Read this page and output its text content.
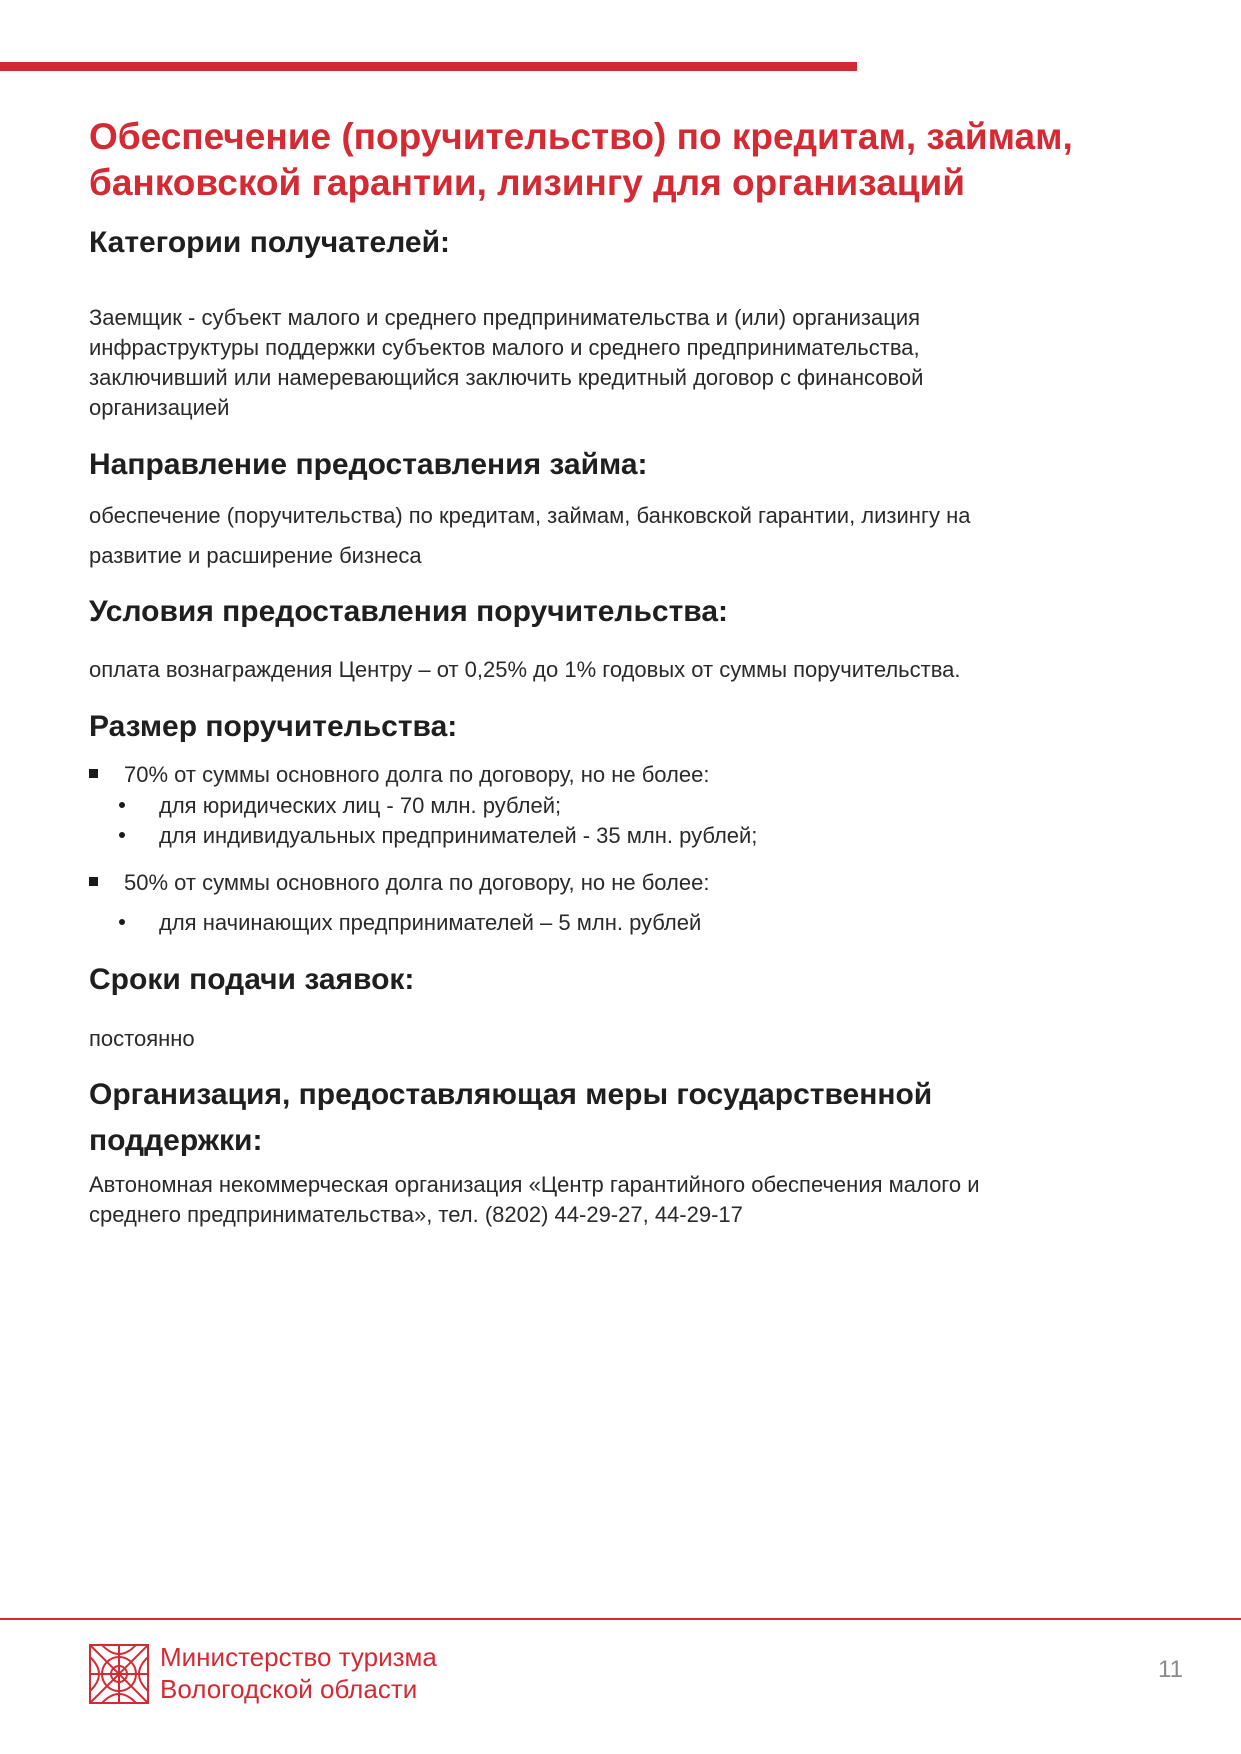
Обеспечение (поручительство) по кредитам, займам,
банковской гарантии, лизингу для организаций
Категории получателей:

Заемщик - субъект малого и среднего предпринимательства и (или) организация
инфраструктуры поддержки субъектов малого и среднего предпринимательства,
заключивший или намеревающийся заключить кредитный договор с финансовой
организацией

Направление предоставления займа:

обеспечение (поручительства) по кредитам, займам, банковской гарантии, лизингу на
развитие и расширение бизнеса

Условия предоставления поручительства:

оплата вознаграждения Центру – от 0,25% до 1% годовых от суммы поручительства.

Размер поручительства:
70% от суммы основного долга по договору, но не более:
для юридических лиц - 70 млн. рублей;
для индивидуальных предпринимателей - 35 млн. рублей;
50% от суммы основного долга по договору, но не более:
для начинающих предпринимателей – 5 млн. рублей
Сроки подачи заявок:

постоянно

Организация, предоставляющая меры государственной
поддержки:

Автономная некоммерческая организация «Центр гарантийного обеспечения малого и
среднего предпринимательства», тел. (8202) 44-29-27, 44-29-17

Министерство туризма
Вологодской области
11
